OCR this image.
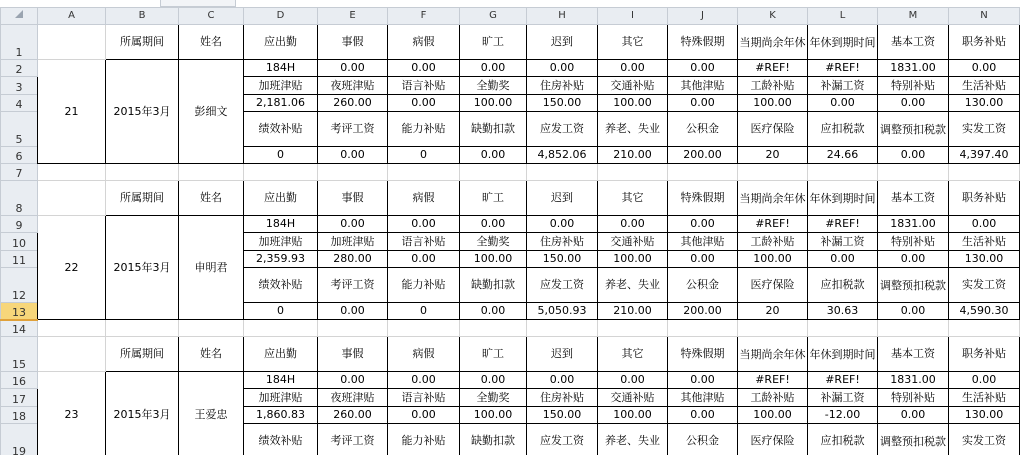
	A	B	C	D	E	F	G	H	I	J	K	L	M	N
1		所属期间	姓名	应出勤	事假	病假	旷工	迟到	其它	特殊假期	当期尚余年休	年休到期时间	基本工资	职务补贴
2	21	2015年3月	彭细文	184H	0.00	0.00	0.00	0.00	0.00	0.00	#REF!	#REF!	1831.00	0.00
3				加班津贴	夜班津贴	语言补贴	全勤奖	住房补贴	交通补贴	其他津贴	工龄补贴	补漏工资	特别补贴	生活补贴
4				2,181.06	260.00	0.00	100.00	150.00	100.00	0.00	100.00	0.00	0.00	130.00
5				绩效补贴	考评工资	能力补贴	缺勤扣款	应发工资	养老、失业	公积金	医疗保险	应扣税款	调整预扣税款	实发工资
6				0	0.00	0	0.00	4,852.06	210.00	200.00	20	24.66	0.00	4,397.40
7														
8		所属期间	姓名	应出勤	事假	病假	旷工	迟到	其它	特殊假期	当期尚余年休	年休到期时间	基本工资	职务补贴
9	22	2015年3月	申明君	184H	0.00	0.00	0.00	0.00	0.00	0.00	#REF!	#REF!	1831.00	0.00
10				加班津贴	加班津贴	语言补贴	全勤奖	住房补贴	交通补贴	其他津贴	工龄补贴	补漏工资	特别补贴	生活补贴
11				2,359.93	280.00	0.00	100.00	150.00	100.00	0.00	100.00	0.00	0.00	130.00
12				绩效补贴	考评工资	能力补贴	缺勤扣款	应发工资	养老、失业	公积金	医疗保险	应扣税款	调整预扣税款	实发工资
13				0	0.00	0	0.00	5,050.93	210.00	200.00	20	30.63	0.00	4,590.30
14														
15		所属期间	姓名	应出勤	事假	病假	旷工	迟到	其它	特殊假期	当期尚余年休	年休到期时间	基本工资	职务补贴
16	23	2015年3月	王爱忠	184H	0.00	0.00	0.00	0.00	0.00	0.00	#REF!	#REF!	1831.00	0.00
17				加班津贴	夜班津贴	语言补贴	全勤奖	住房补贴	交通补贴	其他津贴	工龄补贴	补漏工资	特别补贴	生活补贴
18				1,860.83	260.00	0.00	100.00	150.00	100.00	0.00	100.00	-12.00	0.00	130.00
19				绩效补贴	考评工资	能力补贴	缺勤扣款	应发工资	养老、失业	公积金	医疗保险	应扣税款	调整预扣税款	实发工资
